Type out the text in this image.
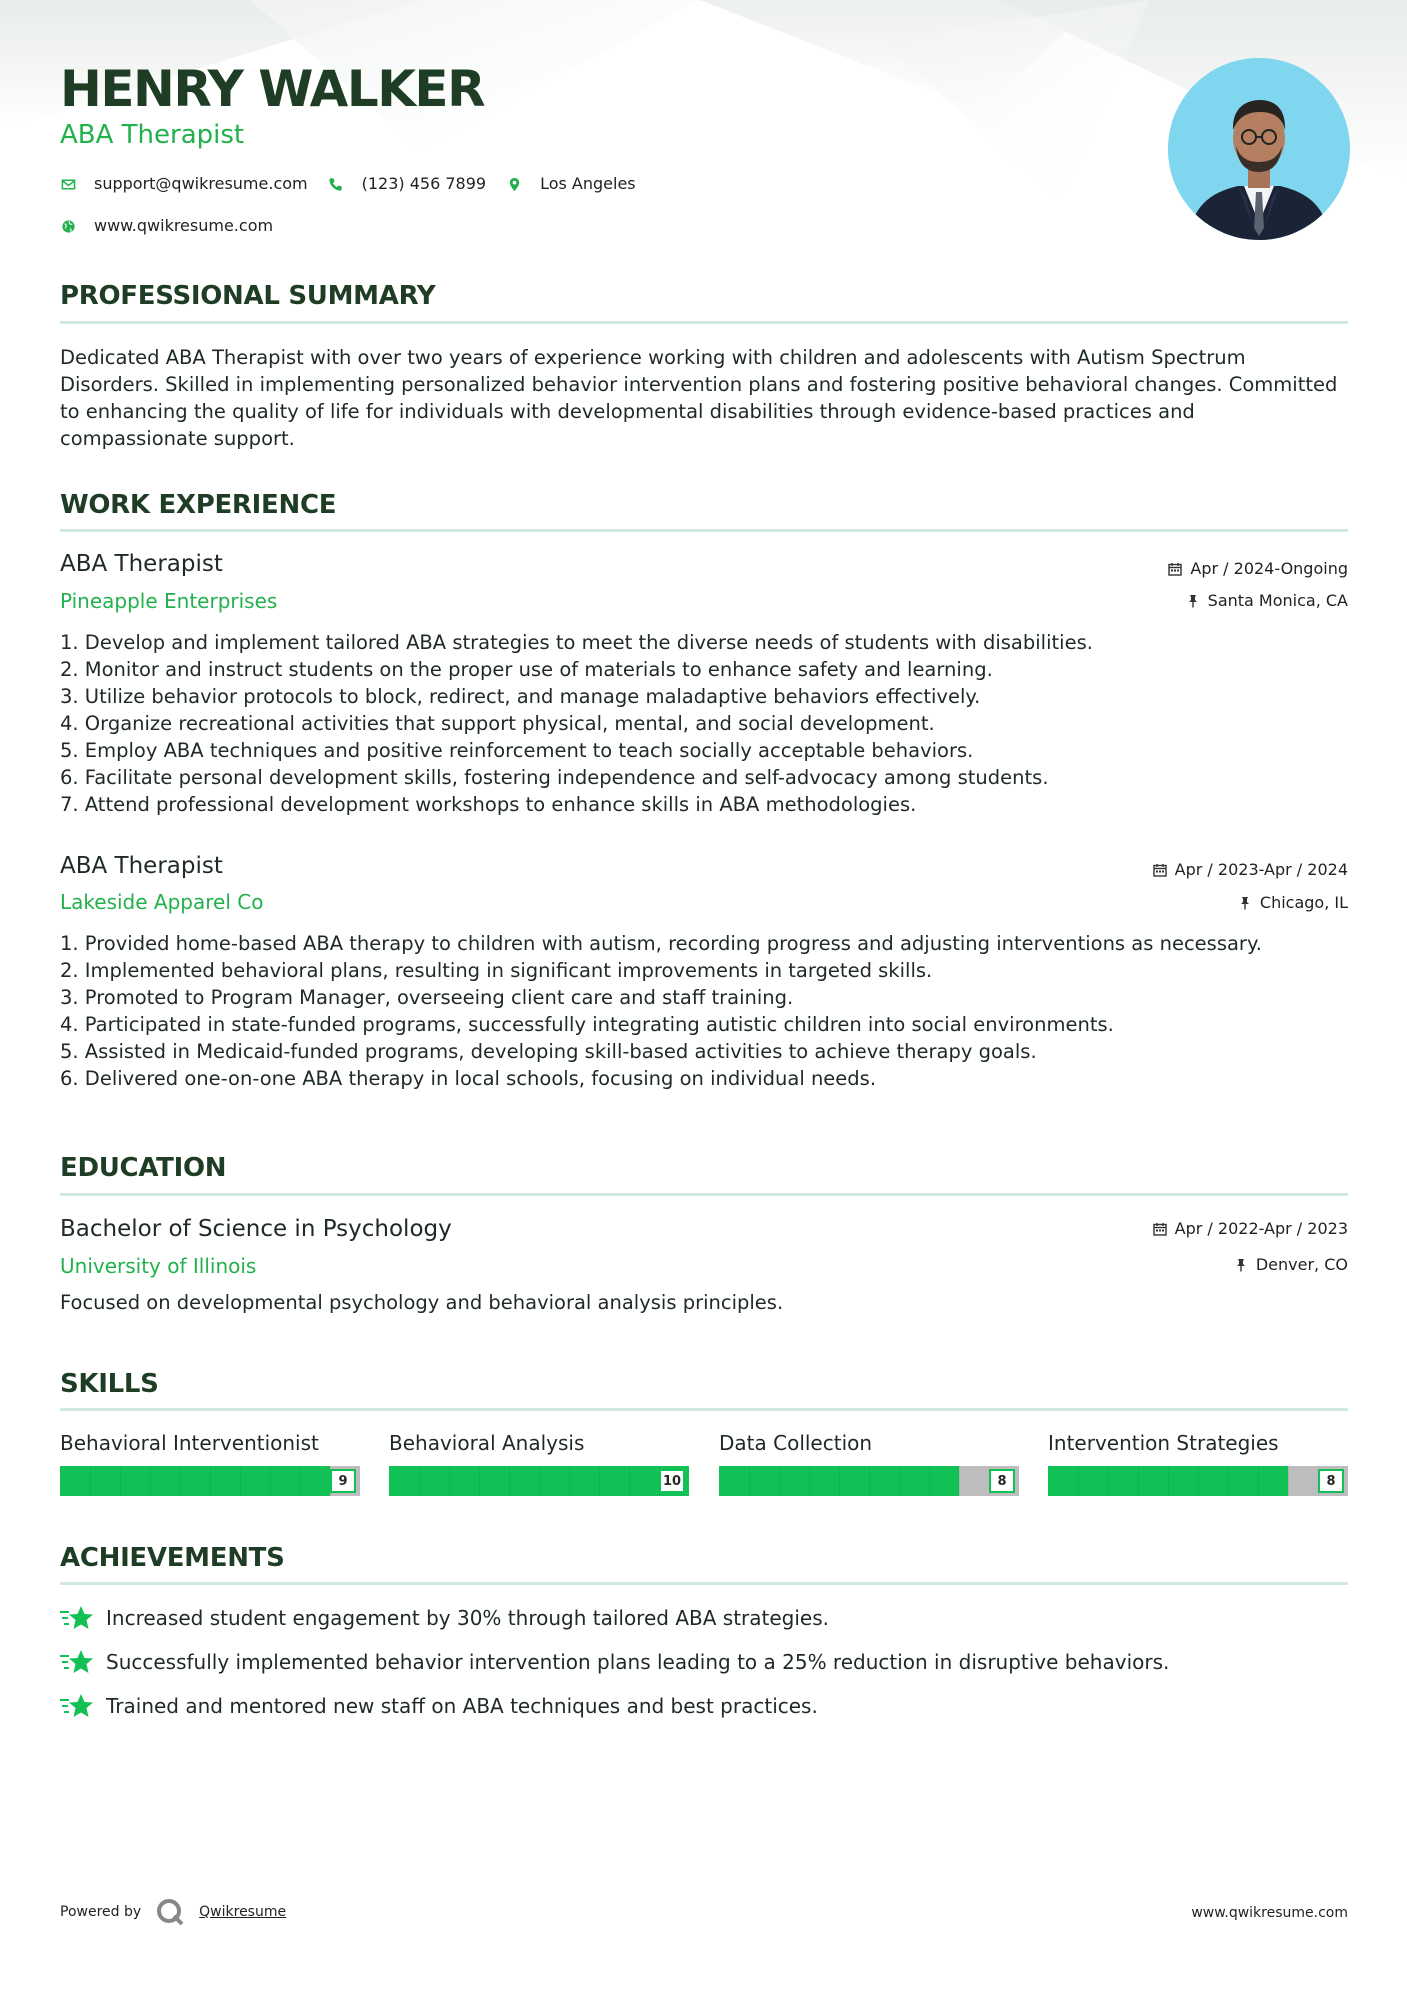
HENRY WALKER
ABA Therapist
support@qwikresume.com	(123) 456 7899	Los Angeles
www.qwikresume.com
PROFESSIONAL SUMMARY
Dedicated ABA Therapist with over two years of experience working with children and adolescents with Autism Spectrum Disorders. Skilled in implementing personalized behavior intervention plans and fostering positive behavioral changes. Committed to enhancing the quality of life for individuals with developmental disabilities through evidence-based practices and compassionate support.
WORK EXPERIENCE
ABA Therapist
Pineapple Enterprises
Apr / 2024-Ongoing
Santa Monica, CA
1. Develop and implement tailored ABA strategies to meet the diverse needs of students with disabilities.
2. Monitor and instruct students on the proper use of materials to enhance safety and learning.
3. Utilize behavior protocols to block, redirect, and manage maladaptive behaviors effectively.
4. Organize recreational activities that support physical, mental, and social development.
5. Employ ABA techniques and positive reinforcement to teach socially acceptable behaviors.
6. Facilitate personal development skills, fostering independence and self-advocacy among students.
7. Attend professional development workshops to enhance skills in ABA methodologies.
ABA Therapist
Lakeside Apparel Co
Apr / 2023-Apr / 2024
Chicago, IL
1. Provided home-based ABA therapy to children with autism, recording progress and adjusting interventions as necessary.
2. Implemented behavioral plans, resulting in significant improvements in targeted skills.
3. Promoted to Program Manager, overseeing client care and staff training.
4. Participated in state-funded programs, successfully integrating autistic children into social environments.
5. Assisted in Medicaid-funded programs, developing skill-based activities to achieve therapy goals.
6. Delivered one-on-one ABA therapy in local schools, focusing on individual needs.
EDUCATION
Bachelor of Science in Psychology
University of Illinois
Apr / 2022-Apr / 2023
Denver, CO
Focused on developmental psychology and behavioral analysis principles.
SKILLS
Behavioral Interventionist
9
Behavioral Analysis
10
Data Collection
8
Intervention Strategies
8
ACHIEVEMENTS
Increased student engagement by 30% through tailored ABA strategies.
Successfully implemented behavior intervention plans leading to a 25% reduction in disruptive behaviors.
Trained and mentored new staff on ABA techniques and best practices.
Powered by	Qwikresume	www.qwikresume.com
